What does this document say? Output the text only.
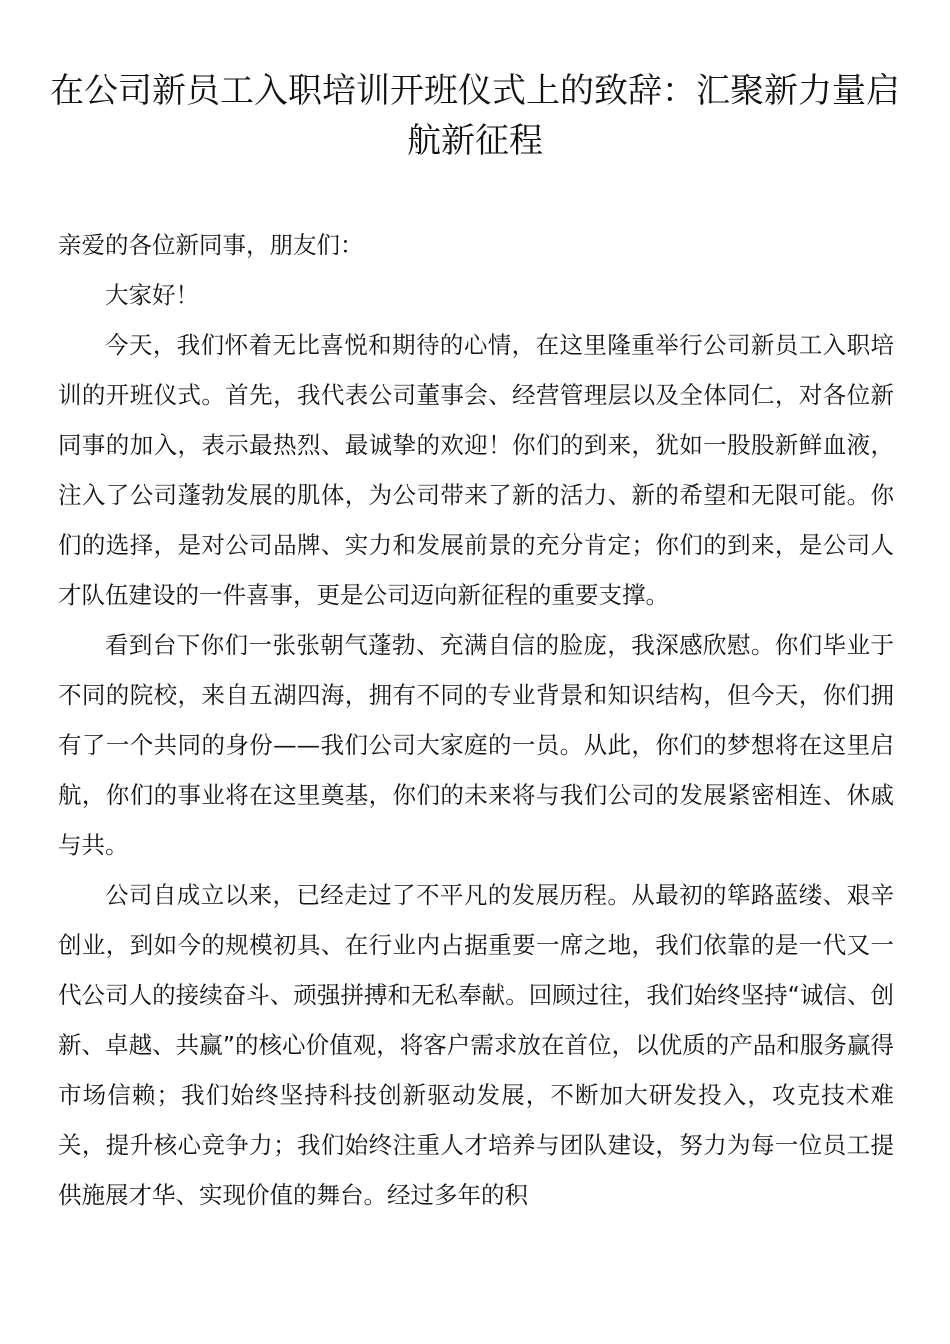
在公司新员工入职培训开班仪式上的致辞：汇聚新力量启航新征程

亲爱的各位新同事，朋友们：

大家好！

今天，我们怀着无比喜悦和期待的心情，在这里隆重举行公司新员工入职培训的开班仪式。首先，我代表公司董事会、经营管理层以及全体同仁，对各位新同事的加入，表示最热烈、最诚挚的欢迎！你们的到来，犹如一股股新鲜血液，注入了公司蓬勃发展的肌体，为公司带来了新的活力、新的希望和无限可能。你们的选择，是对公司品牌、实力和发展前景的充分肯定；你们的到来，是公司人才队伍建设的一件喜事，更是公司迈向新征程的重要支撑。

看到台下你们一张张朝气蓬勃、充满自信的脸庞，我深感欣慰。你们毕业于不同的院校，来自五湖四海，拥有不同的专业背景和知识结构，但今天，你们拥有了一个共同的身份——我们公司大家庭的一员。从此，你们的梦想将在这里启航，你们的事业将在这里奠基，你们的未来将与我们公司的发展紧密相连、休戚与共。

公司自成立以来，已经走过了不平凡的发展历程。从最初的筚路蓝缕、艰辛创业，到如今的规模初具、在行业内占据重要一席之地，我们依靠的是一代又一代公司人的接续奋斗、顽强拼搏和无私奉献。回顾过往，我们始终坚持“诚信、创新、卓越、共赢”的核心价值观，将客户需求放在首位，以优质的产品和服务赢得市场信赖；我们始终坚持科技创新驱动发展，不断加大研发投入，攻克技术难关，提升核心竞争力；我们始终注重人才培养与团队建设，努力为每一位员工提供施展才华、实现价值的舞台。经过多年的积
